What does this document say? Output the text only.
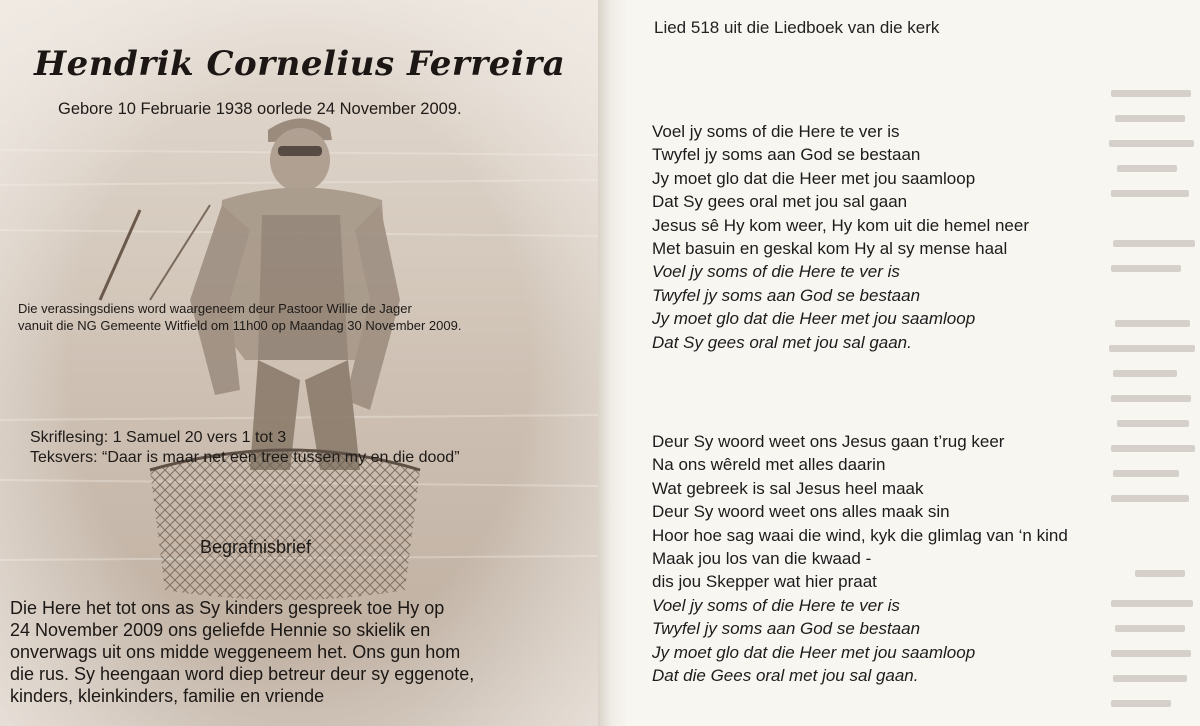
Hendrik Cornelius Ferreira
Gebore 10 Februarie 1938 oorlede 24 November 2009.
Die verassingsdiens word waargeneem deur Pastoor Willie de Jager
vanuit die NG Gemeente Witfield om 11h00 op Maandag 30 November 2009.
Skriflesing: 1 Samuel 20 vers 1 tot 3
Teksvers: “Daar is maar net een tree tussen my en die dood”
Begrafnisbrief
Die Here het tot ons as Sy kinders gespreek toe Hy op
24 November 2009 ons geliefde Hennie so skielik en
onverwags uit ons midde weggeneem het. Ons gun hom
die rus. Sy heengaan word diep betreur deur sy eggenote,
kinders, kleinkinders, familie en vriende
Lied 518 uit die Liedboek van die kerk
Voel jy soms of die Here te ver is
Twyfel jy soms aan God se bestaan
Jy moet glo dat die Heer met jou saamloop
Dat Sy gees oral met jou sal gaan
Jesus sê Hy kom weer, Hy kom uit die hemel neer
Met basuin en geskal kom Hy al sy mense haal
Voel jy soms of die Here te ver is
Twyfel jy soms aan God se bestaan
Jy moet glo dat die Heer met jou saamloop
Dat Sy gees oral met jou sal gaan.
Deur Sy woord weet ons Jesus gaan t’rug keer
Na ons wêreld met alles daarin
Wat gebreek is sal Jesus heel maak
Deur Sy woord weet ons alles maak sin
Hoor hoe sag waai die wind, kyk die glimlag van ‘n kind
Maak jou los van die kwaad -
dis jou Skepper wat hier praat
Voel jy soms of die Here te ver is
Twyfel jy soms aan God se bestaan
Jy moet glo dat die Heer met jou saamloop
Dat die Gees oral met jou sal gaan.
